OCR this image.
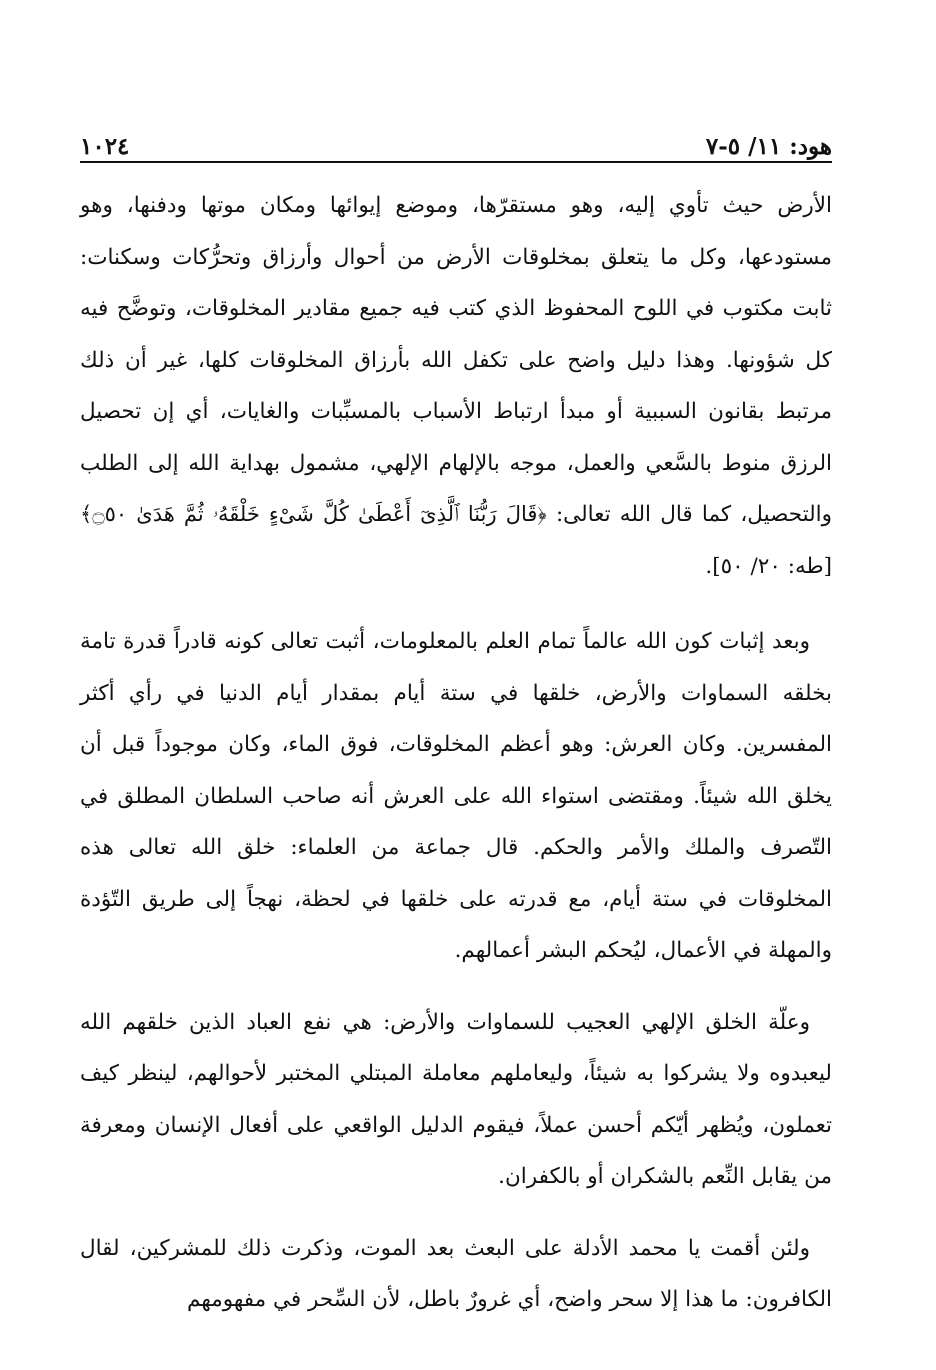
هود: ١١/ ٥-٧
١٠٢٤

الأرض حيث تأوي إليه، وهو مستقرّها، وموضع إيوائها ومكان موتها ودفنها، وهو مستودعها، وكل ما يتعلق بمخلوقات الأرض من أحوال وأرزاق وتحرُّكات وسكنات: ثابت مكتوب في اللوح المحفوظ الذي كتب فيه جميع مقادير المخلوقات، وتوضَّح فيه كل شؤونها. وهذا دليل واضح على تكفل الله بأرزاق المخلوقات كلها، غير أن ذلك مرتبط بقانون السببية أو مبدأ ارتباط الأسباب بالمسبِّبات والغايات، أي إن تحصيل الرزق منوط بالسَّعي والعمل، موجه بالإلهام الإلهي، مشمول بهداية الله إلى الطلب والتحصيل، كما قال الله تعالى: ﴿قَالَ رَبُّنَا ٱلَّذِىٓ أَعْطَىٰ كُلَّ شَىْءٍ خَلْقَهُۥ ثُمَّ هَدَىٰ ۝٥٠﴾ [طه: ٢٠/ ٥٠].

وبعد إثبات كون الله عالماً تمام العلم بالمعلومات، أثبت تعالى كونه قادراً قدرة تامة بخلقه السماوات والأرض، خلقها في ستة أيام بمقدار أيام الدنيا في رأي أكثر المفسرين. وكان العرش: وهو أعظم المخلوقات، فوق الماء، وكان موجوداً قبل أن يخلق الله شيئاً. ومقتضى استواء الله على العرش أنه صاحب السلطان المطلق في التّصرف والملك والأمر والحكم. قال جماعة من العلماء: خلق الله تعالى هذه المخلوقات في ستة أيام، مع قدرته على خلقها في لحظة، نهجاً إلى طريق التّؤدة والمهلة في الأعمال، ليُحكم البشر أعمالهم.

وعلّة الخلق الإلهي العجيب للسماوات والأرض: هي نفع العباد الذين خلقهم الله ليعبدوه ولا يشركوا به شيئاً، وليعاملهم معاملة المبتلي المختبر لأحوالهم، لينظر كيف تعملون، ويُظهر أيّكم أحسن عملاً، فيقوم الدليل الواقعي على أفعال الإنسان ومعرفة من يقابل النِّعم بالشكران أو بالكفران.

ولئن أقمت يا محمد الأدلة على البعث بعد الموت، وذكرت ذلك للمشركين، لقال الكافرون: ما هذا إلا سحر واضح، أي غرورٌ باطل، لأن السِّحر في مفهومهم
